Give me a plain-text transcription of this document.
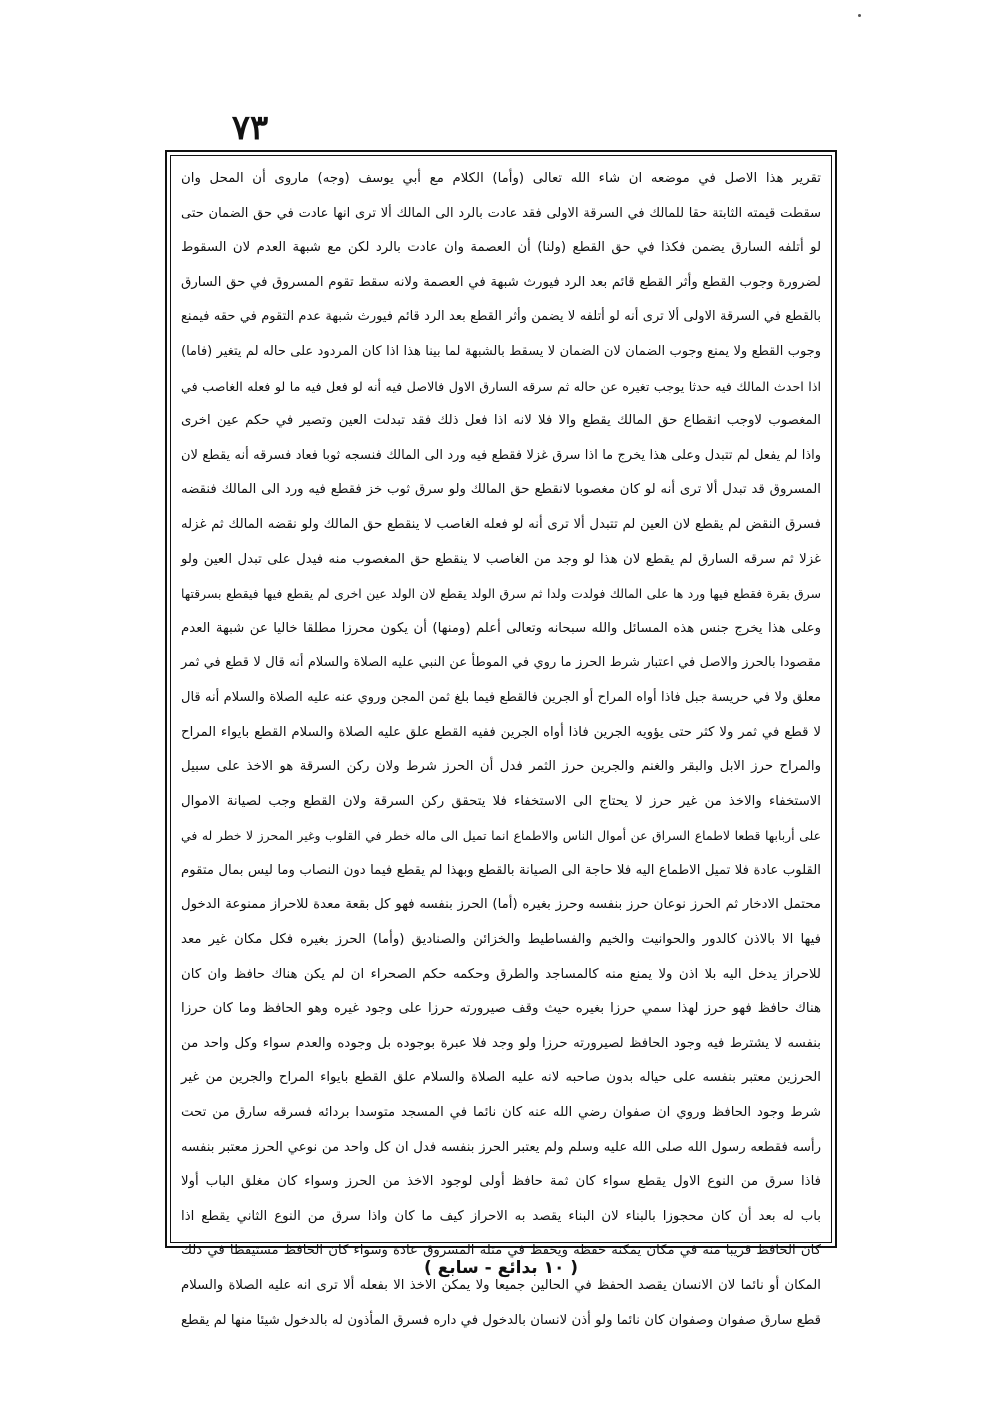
٧٣
تقرير هذا الاصل في موضعه ان شاء الله تعالى (وأما) الكلام مع أبي يوسف (وجه) ماروى أن المحل وان
سقطت قيمته الثابتة حقا للمالك في السرقة الاولى فقد عادت بالرد الى المالك ألا ترى انها عادت في حق الضمان حتى
لو أتلفه السارق يضمن فكذا في حق القطع (ولنا) أن العصمة وان عادت بالرد لكن مع شبهة العدم لان السقوط
لضرورة وجوب القطع وأثر القطع قائم بعد الرد فيورث شبهة في العصمة ولانه سقط تقوم المسروق في حق السارق
بالقطع في السرقة الاولى ألا ترى أنه لو أتلفه لا يضمن وأثر القطع بعد الرد قائم فيورث شبهة عدم التقوم في حقه فيمنع
وجوب القطع ولا يمنع وجوب الضمان لان الضمان لا يسقط بالشبهة لما بينا هذا اذا كان المردود على حاله لم يتغير (فاما)
اذا احدث المالك فيه حدثا يوجب تغيره عن حاله ثم سرقه السارق الاول فالاصل فيه أنه لو فعل فيه ما لو فعله الغاصب في
المغصوب لاوجب انقطاع حق المالك يقطع والا فلا لانه اذا فعل ذلك فقد تبدلت العين وتصير في حكم عين اخرى
واذا لم يفعل لم تتبدل وعلى هذا يخرج ما اذا سرق غزلا فقطع فيه ورد الى المالك فنسجه ثوبا فعاد فسرقه أنه يقطع لان
المسروق قد تبدل ألا ترى أنه لو كان مغصوبا لانقطع حق المالك ولو سرق ثوب خز فقطع فيه ورد الى المالك فنقضه
فسرق النقض لم يقطع لان العين لم تتبدل ألا ترى أنه لو فعله الغاصب لا ينقطع حق المالك ولو نقضه المالك ثم غزله
غزلا ثم سرقه السارق لم يقطع لان هذا لو وجد من الغاصب لا ينقطع حق المغصوب منه فيدل على تبدل العين ولو
سرق بقرة فقطع فيها ورد ها على المالك فولدت ولدا ثم سرق الولد يقطع لان الولد عين اخرى لم يقطع فيها فيقطع بسرقتها
وعلى هذا يخرج جنس هذه المسائل والله سبحانه وتعالى أعلم (ومنها) أن يكون محرزا مطلقا خاليا عن شبهة العدم
مقصودا بالحرز والاصل في اعتبار شرط الحرز ما روي في الموطأ عن النبي عليه الصلاة والسلام أنه قال لا قطع في ثمر
معلق ولا في حريسة جبل فاذا أواه المراح أو الجرين فالقطع فيما بلغ ثمن المجن وروي عنه عليه الصلاة والسلام أنه قال
لا قطع في ثمر ولا كثر حتى يؤويه الجرين فاذا أواه الجرين ففيه القطع علق عليه الصلاة والسلام القطع بايواء المراح
والمراح حرز الابل والبقر والغنم والجرين حرز الثمر فدل أن الحرز شرط ولان ركن السرقة هو الاخذ على سبيل
الاستخفاء والاخذ من غير حرز لا يحتاج الى الاستخفاء فلا يتحقق ركن السرقة ولان القطع وجب لصيانة الاموال
على أربابها قطعا لاطماع السراق عن أموال الناس والاطماع انما تميل الى ماله خطر في القلوب وغير المحرز لا خطر له في
القلوب عادة فلا تميل الاطماع اليه فلا حاجة الى الصيانة بالقطع وبهذا لم يقطع فيما دون النصاب وما ليس بمال متقوم
محتمل الادخار ثم الحرز نوعان حرز بنفسه وحرز بغيره (أما) الحرز بنفسه فهو كل بقعة معدة للاحراز ممنوعة الدخول
فيها الا بالاذن كالدور والحوانيت والخيم والفساطيط والخزائن والصناديق (وأما) الحرز بغيره فكل مكان غير معد
للاحراز يدخل اليه بلا اذن ولا يمنع منه كالمساجد والطرق وحكمه حكم الصحراء ان لم يكن هناك حافظ وان كان
هناك حافظ فهو حرز لهذا سمي حرزا بغيره حيث وقف صيرورته حرزا على وجود غيره وهو الحافظ وما كان حرزا
بنفسه لا يشترط فيه وجود الحافظ لصيرورته حرزا ولو وجد فلا عبرة بوجوده بل وجوده والعدم سواء وكل واحد من
الحرزين معتبر بنفسه على حياله بدون صاحبه لانه عليه الصلاة والسلام علق القطع بايواء المراح والجرين من غير
شرط وجود الحافظ وروي ان صفوان رضي الله عنه كان نائما في المسجد متوسدا بردائه فسرقه سارق من تحت
رأسه فقطعه رسول الله صلى الله عليه وسلم ولم يعتبر الحرز بنفسه فدل ان كل واحد من نوعي الحرز معتبر بنفسه
فاذا سرق من النوع الاول يقطع سواء كان ثمة حافظ أولى لوجود الاخذ من الحرز وسواء كان مغلق الباب أولا
باب له بعد أن كان محجوزا بالبناء لان البناء يقصد به الاحراز كيف ما كان واذا سرق من النوع الثاني يقطع اذا
كان الحافظ قريبا منه في مكان يمكنه حفظه ويحفظ في مثله المسروق عادة وسواء كان الحافظ مستيقظا في ذلك
المكان أو نائما لان الانسان يقصد الحفظ في الحالين جميعا ولا يمكن الاخذ الا بفعله ألا ترى انه عليه الصلاة والسلام
قطع سارق صفوان وصفوان كان نائما ولو أذن لانسان بالدخول في داره فسرق المأذون له بالدخول شيئا منها لم يقطع
( ١٠ بدائع - سابع )
